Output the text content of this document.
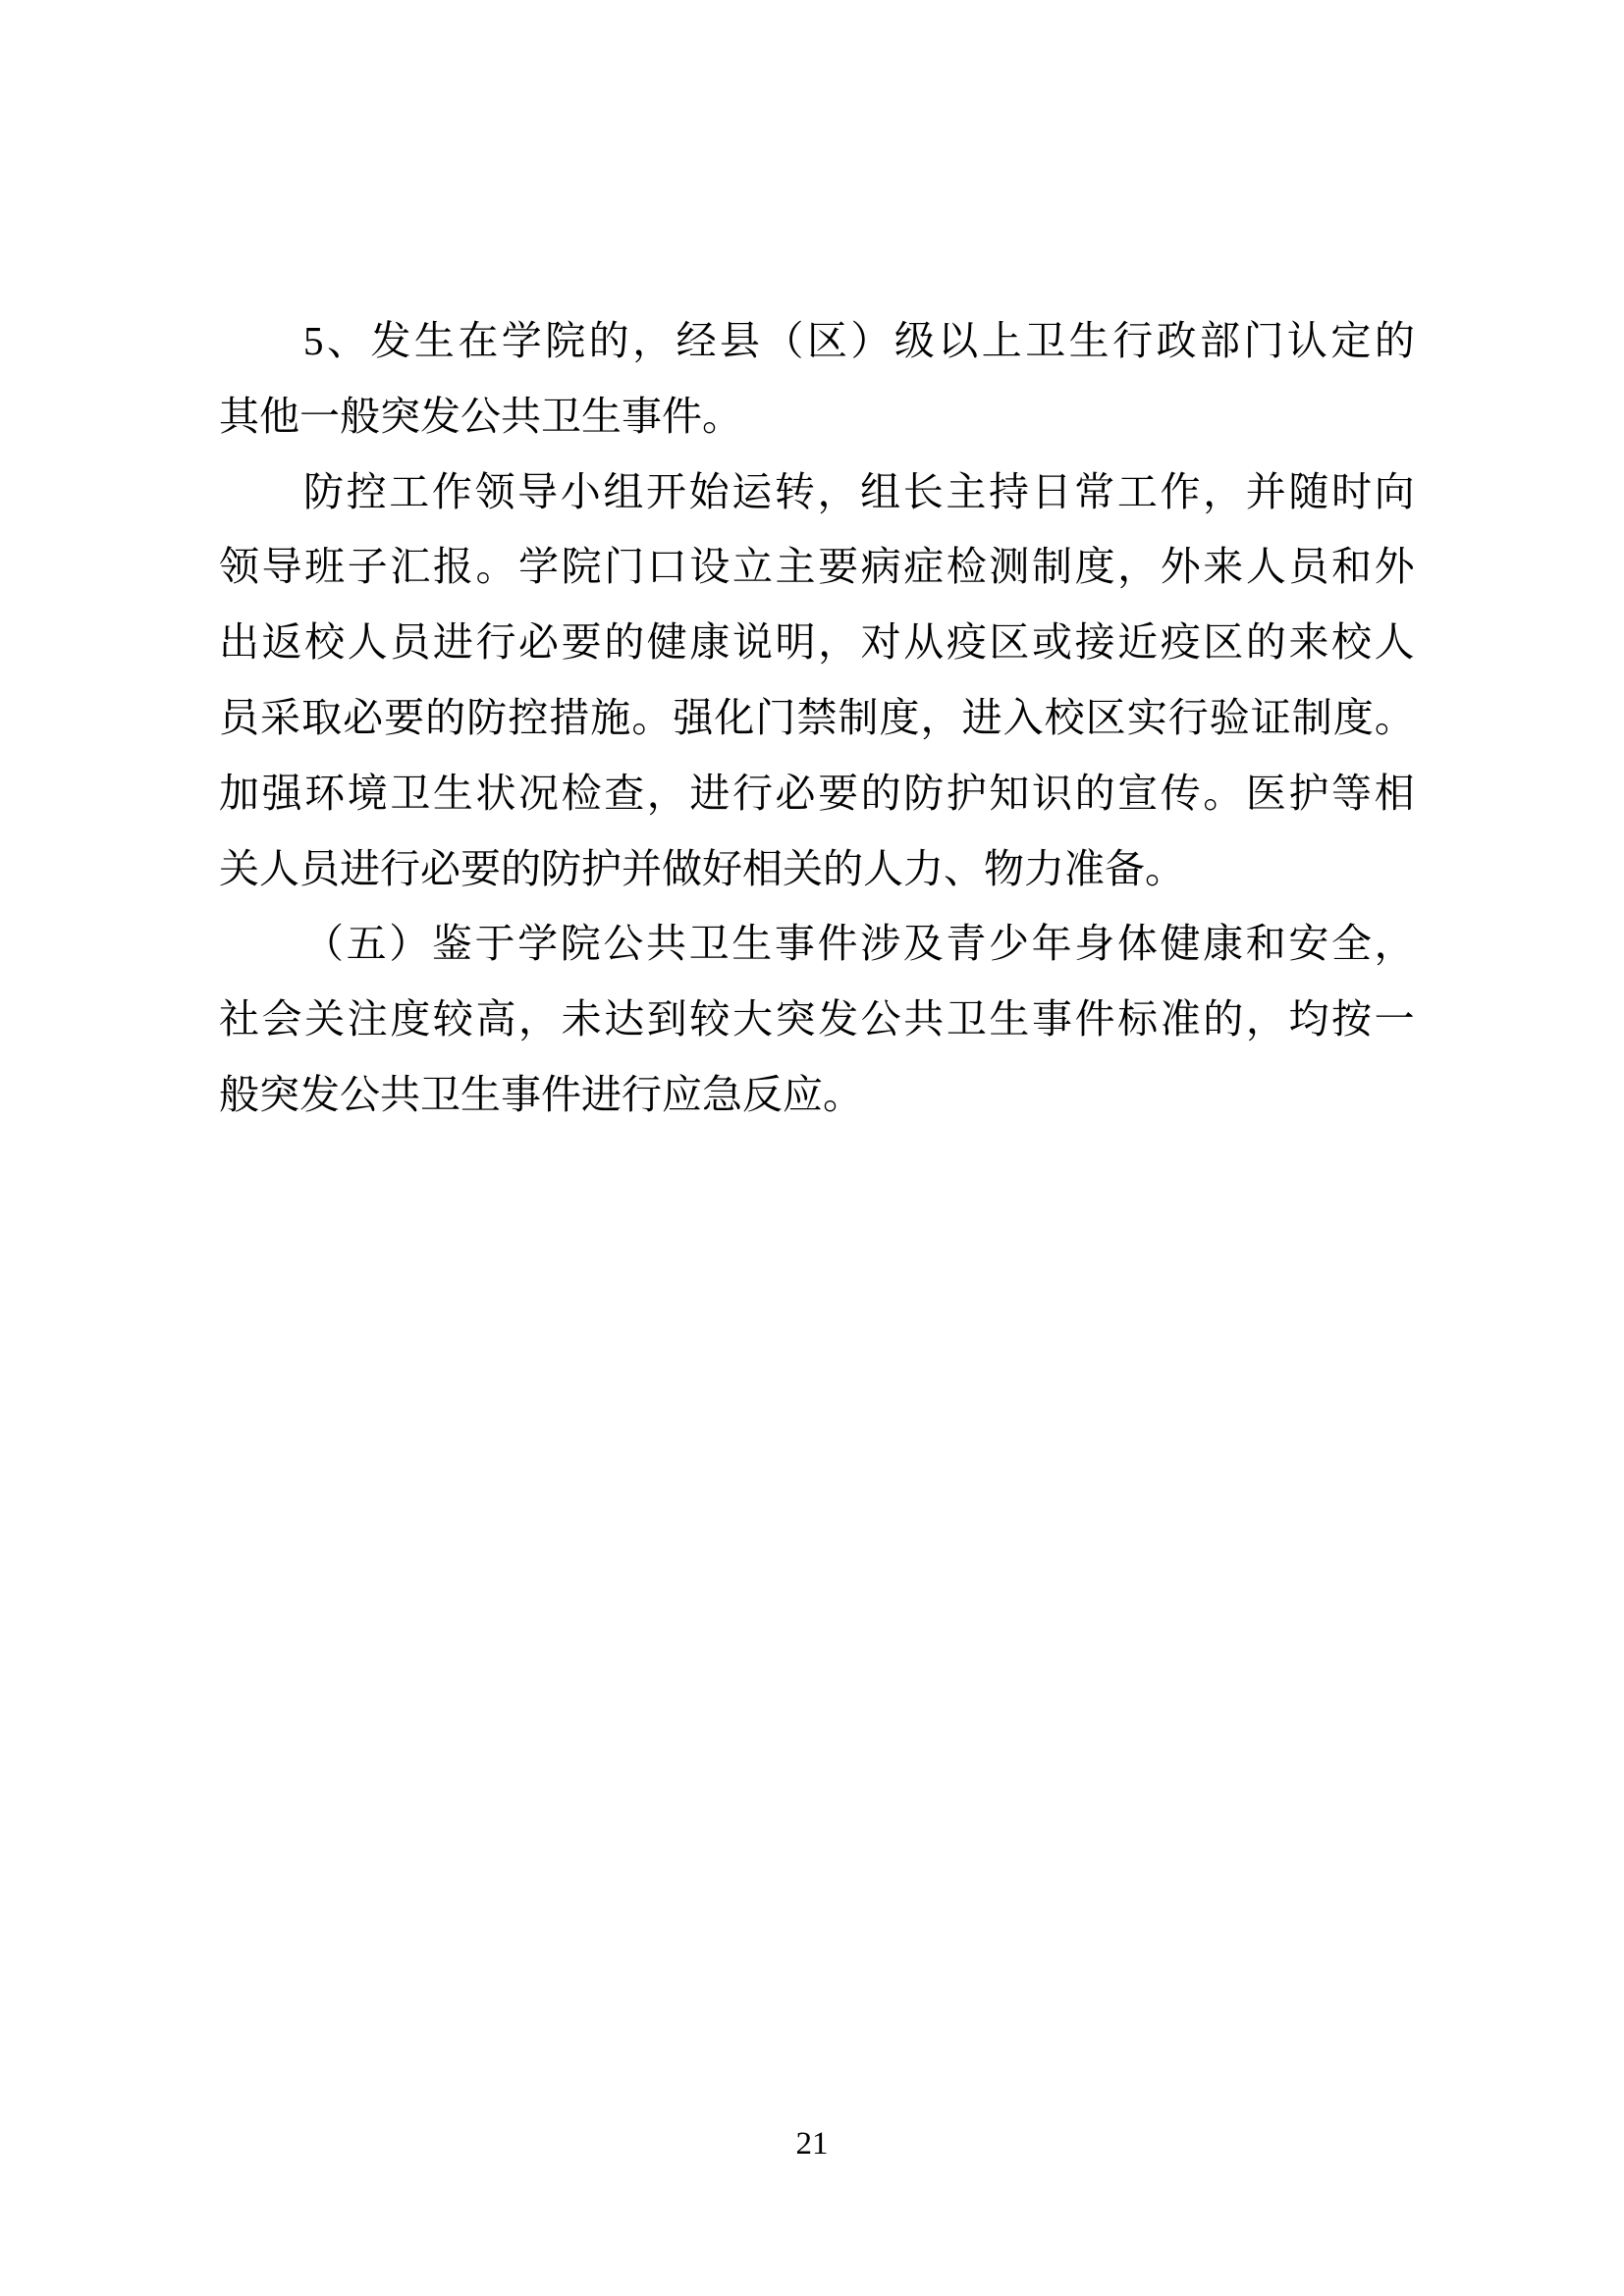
5 、 发 生 在 学 院 的 ， 经 县 （ 区 ） 级 以 上 卫 生 行 政 部 门 认 定 的
其他一般突发公共卫生事件。
防 控 工 作 领 导 小 组 开 始 运 转 ， 组 长 主 持 日 常 工 作 ， 并 随 时 向
领 导 班 子 汇 报 。 学 院 门 口 设 立 主 要 病 症 检 测 制 度 ， 外 来 人 员 和 外
出 返 校 人 员 进 行 必 要 的 健 康 说 明 ， 对 从 疫 区 或 接 近 疫 区 的 来 校 人
员 采 取 必 要 的 防 控 措 施 。 强 化 门 禁 制 度 ， 进 入 校 区 实 行 验 证 制 度 。
加 强 环 境 卫 生 状 况 检 查 ， 进 行 必 要 的 防 护 知 识 的 宣 传 。 医 护 等 相
关人员进行必要的防护并做好相关的人力、物力准备。
（ 五 ） 鉴 于 学 院 公 共 卫 生 事 件 涉 及 青 少 年 身 体 健 康 和 安 全 ，
社 会 关 注 度 较 高 ， 未 达 到 较 大 突 发 公 共 卫 生 事 件 标 准 的 ， 均 按 一
般突发公共卫生事件进行应急反应。
21
